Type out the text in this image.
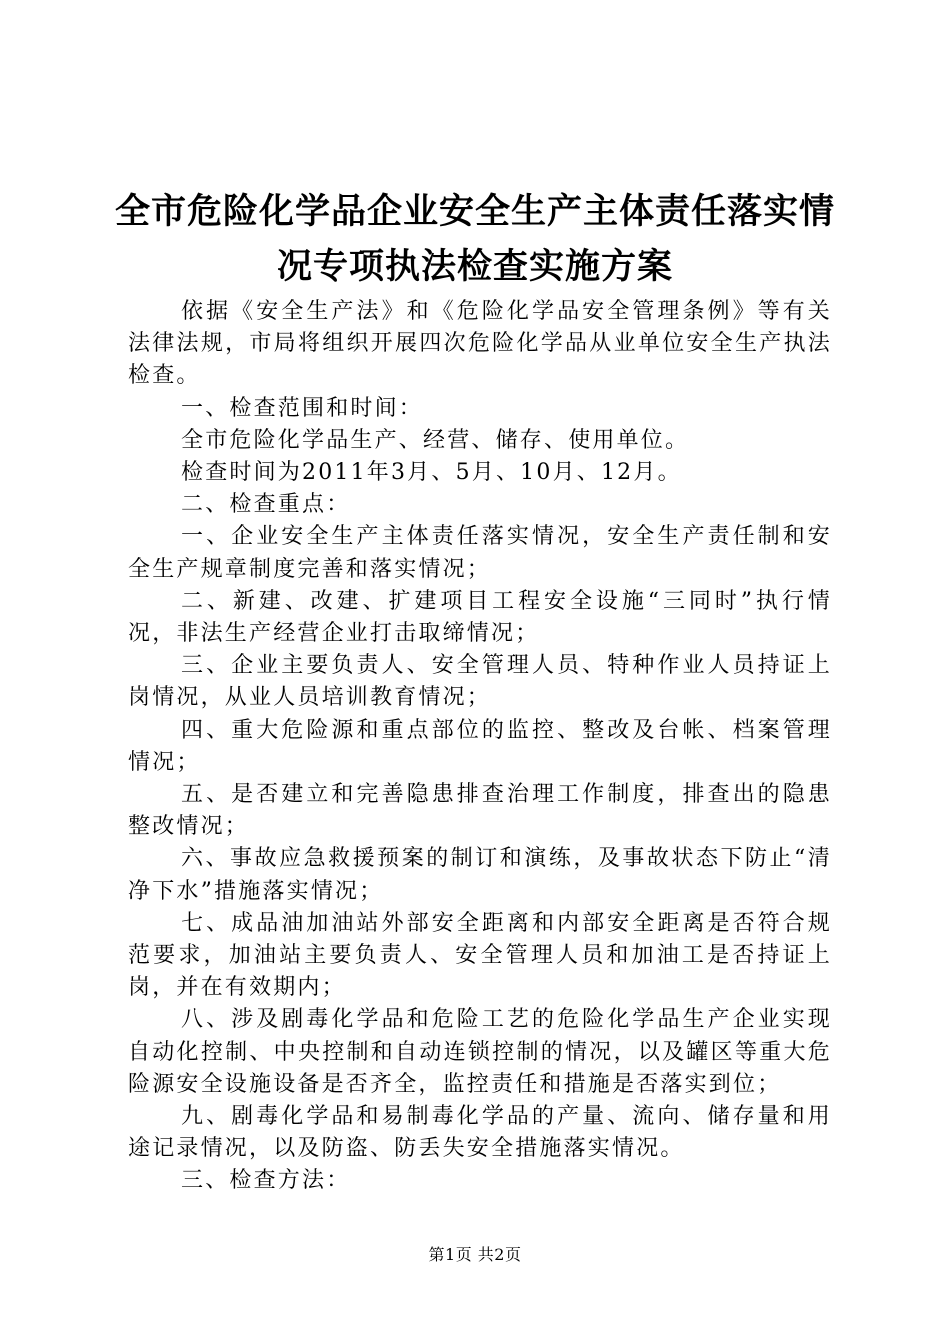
全市危险化学品企业安全生产主体责任落实情
况专项执法检查实施方案

依据《安全生产法》和《危险化学品安全管理条例》等有关法律法规，市局将组织开展四次危险化学品从业单位安全生产执法检查。

一、检查范围和时间：

全市危险化学品生产、经营、储存、使用单位。

检查时间为2011年3月、5月、10月、12月。

二、检查重点：

一、企业安全生产主体责任落实情况，安全生产责任制和安全生产规章制度完善和落实情况；

二、新建、改建、扩建项目工程安全设施“三同时”执行情况，非法生产经营企业打击取缔情况；

三、企业主要负责人、安全管理人员、特种作业人员持证上岗情况，从业人员培训教育情况；

四、重大危险源和重点部位的监控、整改及台帐、档案管理情况；

五、是否建立和完善隐患排查治理工作制度，排查出的隐患整改情况；

六、事故应急救援预案的制订和演练，及事故状态下防止“清净下水”措施落实情况；

七、成品油加油站外部安全距离和内部安全距离是否符合规范要求，加油站主要负责人、安全管理人员和加油工是否持证上岗，并在有效期内；

八、涉及剧毒化学品和危险工艺的危险化学品生产企业实现自动化控制、中央控制和自动连锁控制的情况，以及罐区等重大危险源安全设施设备是否齐全，监控责任和措施是否落实到位；

九、剧毒化学品和易制毒化学品的产量、流向、储存量和用途记录情况，以及防盗、防丢失安全措施落实情况。

三、检查方法：

第1页 共2页
